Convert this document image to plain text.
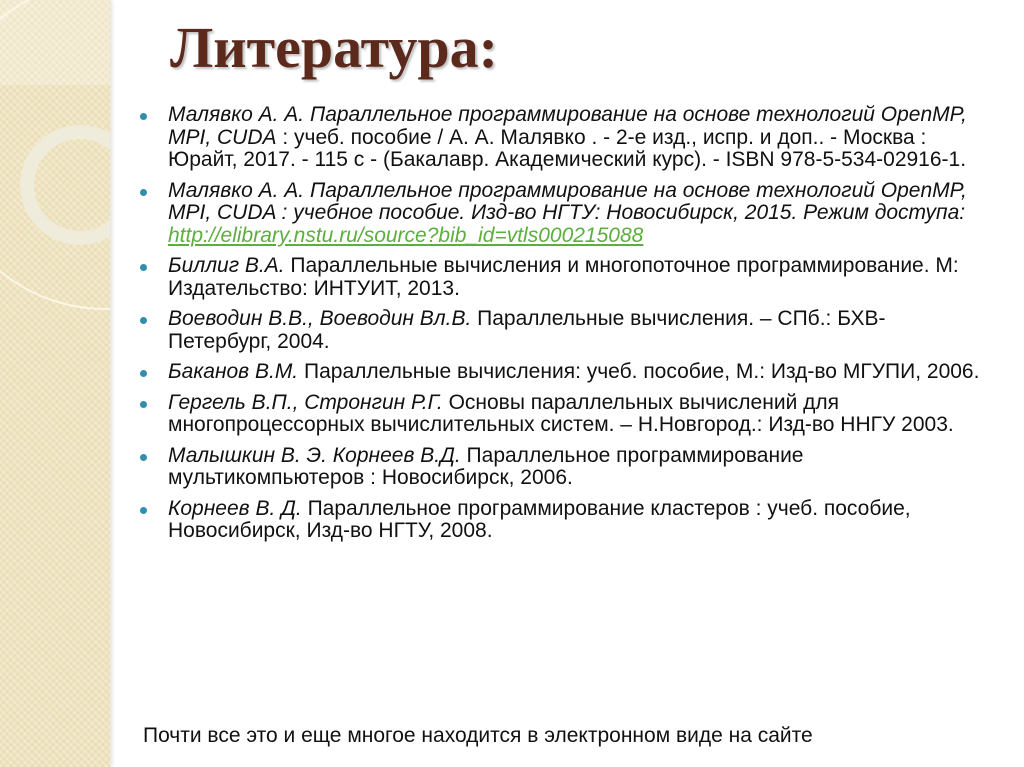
Литература:
Малявко А. А. Параллельное программирование на основе технологий OpenMP, MPI, CUDA : учеб. пособие / А. А. Малявко . - 2-е изд., испр. и доп.. - Москва : Юрайт, 2017. - 115 с - (Бакалавр. Академический курс). - ISBN 978-5-534-02916-1.
Малявко А. А. Параллельное программирование на основе технологий OpenMP, MPI, CUDA : учебное пособие. Изд-во НГТУ: Новосибирск, 2015. Режим доступа: http://elibrary.nstu.ru/source?bib_id=vtls000215088
Биллиг В.А. Параллельные вычисления и многопоточное программирование. М: Издательство: ИНТУИТ, 2013.
Воеводин В.В., Воеводин Вл.В. Параллельные вычисления. – СПб.: БХВ-Петербург, 2004.
Баканов В.М. Параллельные вычисления: учеб. пособие, М.: Изд-во МГУПИ, 2006.
Гергель В.П., Стронгин Р.Г. Основы параллельных вычислений для многопроцессорных вычислительных систем. – Н.Новгород.: Изд-во ННГУ 2003.
Малышкин В. Э. Корнеев В.Д. Параллельное программирование мультикомпьютеров : Новосибирск, 2006.
Корнеев В. Д. Параллельное программирование кластеров : учеб. пособие, Новосибирск, Изд-во НГТУ, 2008.
Почти все это и еще многое находится в электронном виде на сайте
